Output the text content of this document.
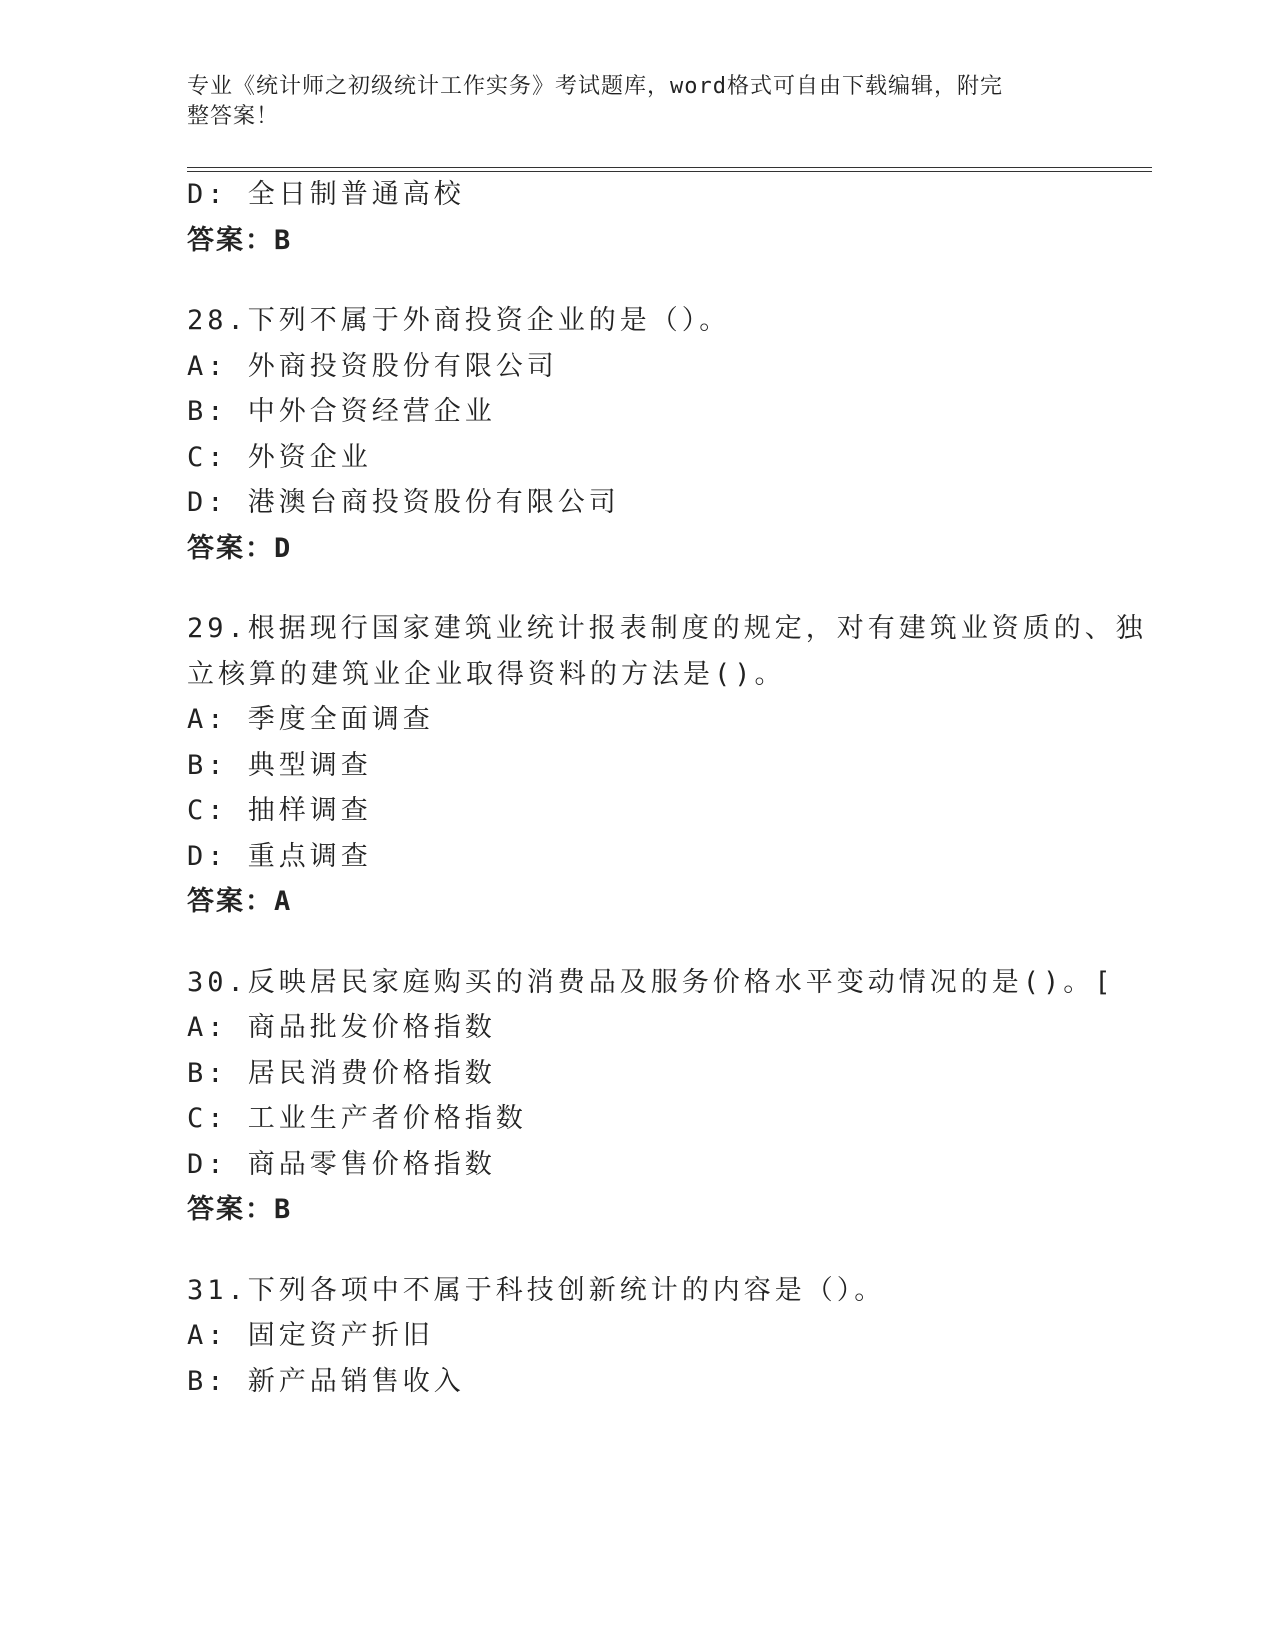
专业《统计师之初级统计工作实务》考试题库，word格式可自由下载编辑，附完
整答案！
D: 全日制普通高校
答案：B
28.下列不属于外商投资企业的是（）。
A: 外商投资股份有限公司
B: 中外合资经营企业
C: 外资企业
D: 港澳台商投资股份有限公司
答案：D
29.根据现行国家建筑业统计报表制度的规定，对有建筑业资质的、独
立核算的建筑业企业取得资料的方法是()。
A: 季度全面调查
B: 典型调查
C: 抽样调查
D: 重点调查
答案：A
30.反映居民家庭购买的消费品及服务价格水平变动情况的是()。[
A: 商品批发价格指数
B: 居民消费价格指数
C: 工业生产者价格指数
D: 商品零售价格指数
答案：B
31.下列各项中不属于科技创新统计的内容是（）。
A: 固定资产折旧
B: 新产品销售收入
